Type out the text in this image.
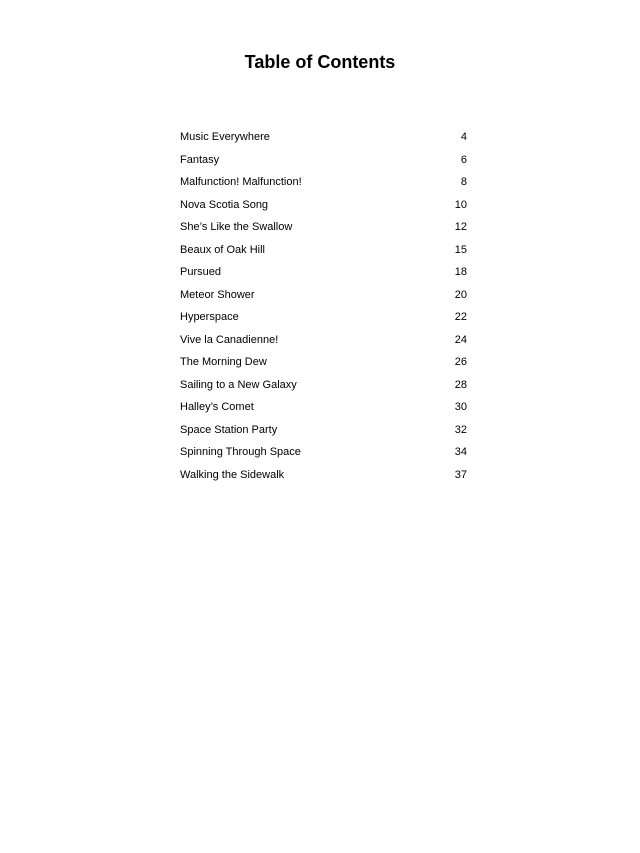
Table of Contents
Music Everywhere	4
Fantasy	6
Malfunction! Malfunction!	8
Nova Scotia Song	10
She’s Like the Swallow	12
Beaux of Oak Hill	15
Pursued	18
Meteor Shower	20
Hyperspace	22
Vive la Canadienne!	24
The Morning Dew	26
Sailing to a New Galaxy	28
Halley’s Comet	30
Space Station Party	32
Spinning Through Space	34
Walking the Sidewalk	37
